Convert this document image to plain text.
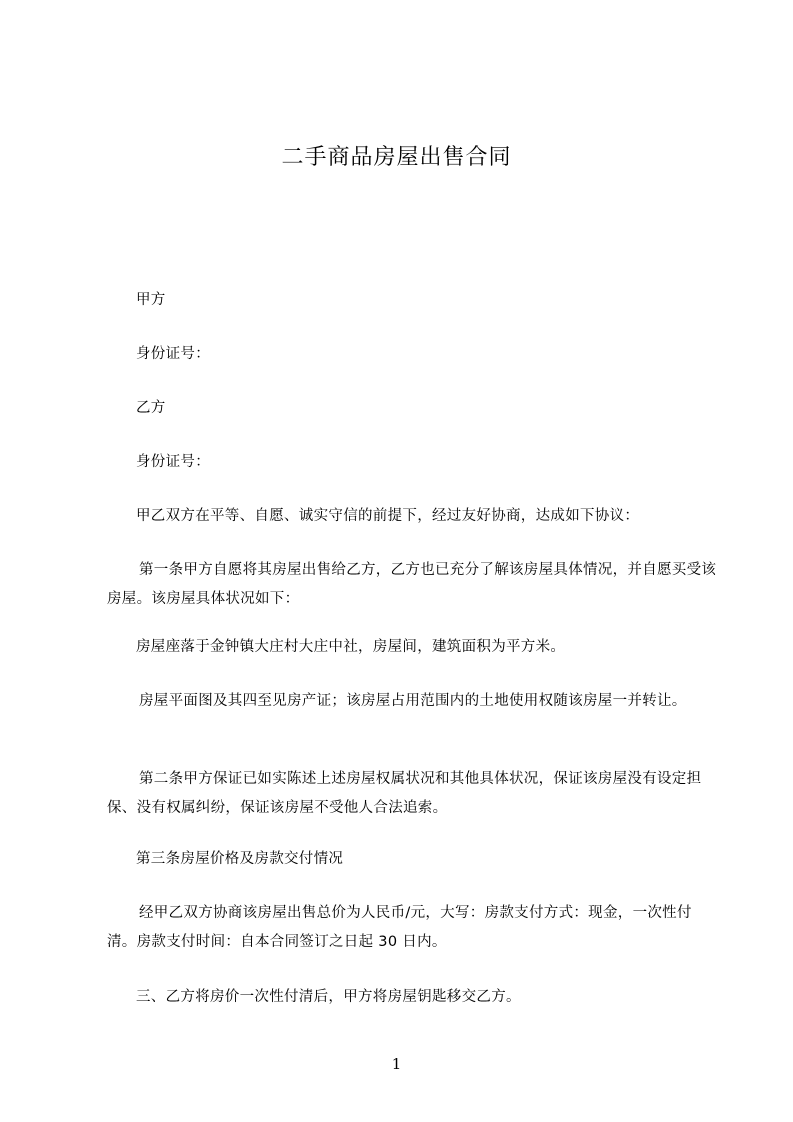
二手商品房屋出售合同

甲方

身份证号：

乙方

身份证号：

甲乙双方在平等、自愿、诚实守信的前提下，经过友好协商，达成如下协议：

第一条甲方自愿将其房屋出售给乙方，乙方也已充分了解该房屋具体情况，并自愿买受该房屋。该房屋具体状况如下：

房屋座落于金钟镇大庄村大庄中社，房屋间，建筑面积为平方米。

房屋平面图及其四至见房产证；该房屋占用范围内的土地使用权随该房屋一并转让。

第二条甲方保证已如实陈述上述房屋权属状况和其他具体状况，保证该房屋没有设定担保、没有权属纠纷，保证该房屋不受他人合法追索。

第三条房屋价格及房款交付情况

经甲乙双方协商该房屋出售总价为人民币/元，大写：房款支付方式：现金，一次性付清。房款支付时间：自本合同签订之日起 30 日内。

三、乙方将房价一次性付清后，甲方将房屋钥匙移交乙方。

1
